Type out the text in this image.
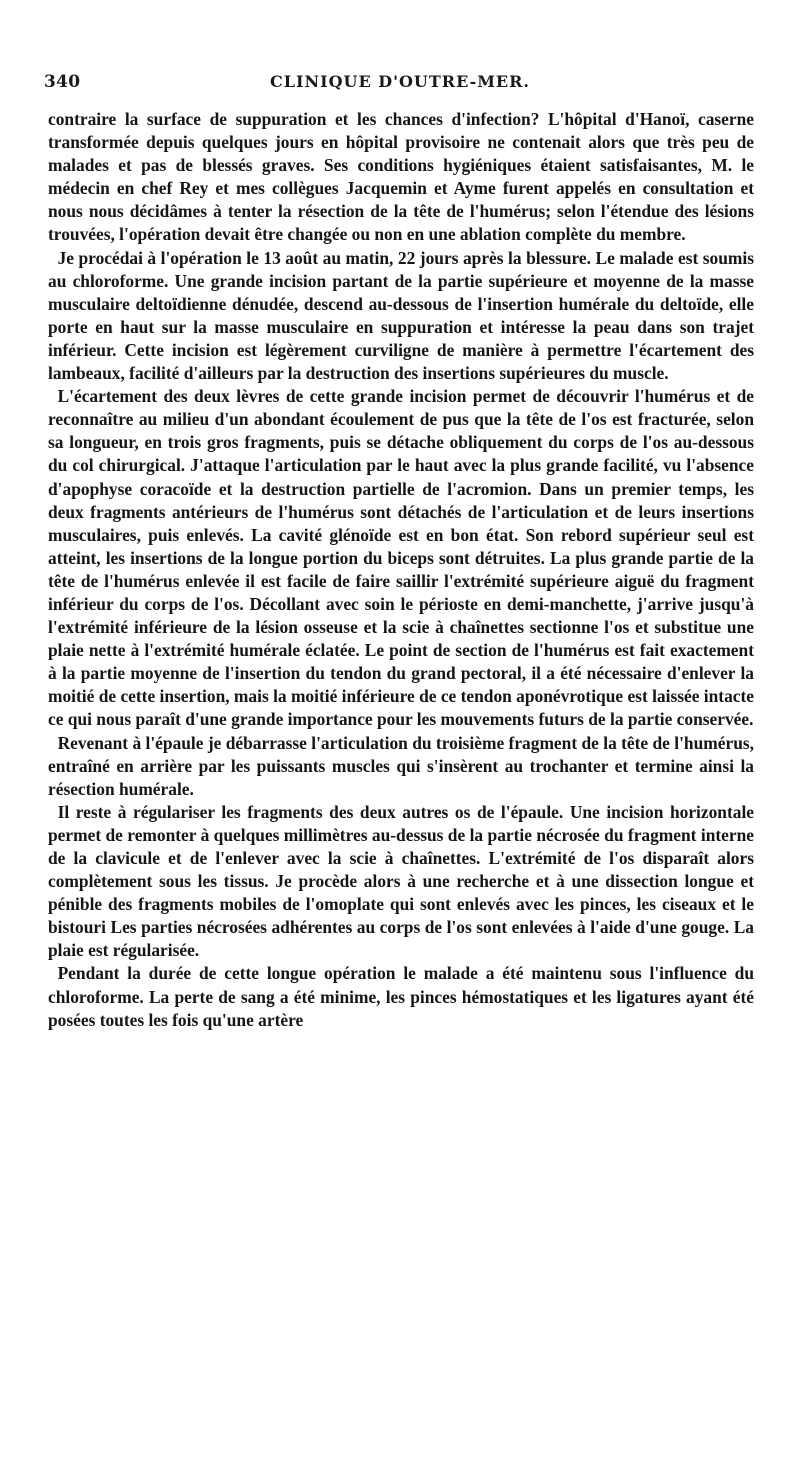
340	CLINIQUE D'OUTRE-MER.

contraire la surface de suppuration et les chances d'infection? L'hôpital d'Hanoï, caserne transformée depuis quelques jours en hôpital provisoire ne contenait alors que très peu de malades et pas de blessés graves. Ses conditions hygiéniques étaient satisfaisantes, M. le médecin en chef Rey et mes collègues Jacquemin et Ayme furent appelés en consultation et nous nous décidâmes à tenter la résection de la tête de l'humérus; selon l'étendue des lésions trouvées, l'opération devait être changée ou non en une ablation complète du membre.

Je procédai à l'opération le 13 août au matin, 22 jours après la blessure. Le malade est soumis au chloroforme. Une grande incision partant de la partie supérieure et moyenne de la masse musculaire deltoïdienne dénudée, descend au-dessous de l'insertion humérale du deltoïde, elle porte en haut sur la masse musculaire en suppuration et intéresse la peau dans son trajet inférieur. Cette incision est légèrement curviligne de manière à permettre l'écartement des lambeaux, facilité d'ailleurs par la destruction des insertions supérieures du muscle.

L'écartement des deux lèvres de cette grande incision permet de découvrir l'humérus et de reconnaître au milieu d'un abondant écoulement de pus que la tête de l'os est fracturée, selon sa longueur, en trois gros fragments, puis se détache obliquement du corps de l'os au-dessous du col chirurgical. J'attaque l'articulation par le haut avec la plus grande facilité, vu l'absence d'apophyse coracoïde et la destruction partielle de l'acromion. Dans un premier temps, les deux fragments antérieurs de l'humérus sont détachés de l'articulation et de leurs insertions musculaires, puis enlevés. La cavité glénoïde est en bon état. Son rebord supérieur seul est atteint, les insertions de la longue portion du biceps sont détruites. La plus grande partie de la tête de l'humérus enlevée il est facile de faire saillir l'extrémité supérieure aiguë du fragment inférieur du corps de l'os. Décollant avec soin le périoste en demi-manchette, j'arrive jusqu'à l'extrémité inférieure de la lésion osseuse et la scie à chaînettes sectionne l'os et substitue une plaie nette à l'extrémité humérale éclatée. Le point de section de l'humérus est fait exactement à la partie moyenne de l'insertion du tendon du grand pectoral, il a été nécessaire d'enlever la moitié de cette insertion, mais la moitié inférieure de ce tendon aponévrotique est laissée intacte ce qui nous paraît d'une grande importance pour les mouvements futurs de la partie conservée.

Revenant à l'épaule je débarrasse l'articulation du troisième fragment de la tête de l'humérus, entraîné en arrière par les puissants muscles qui s'insèrent au trochanter et termine ainsi la résection humérale.

Il reste à régulariser les fragments des deux autres os de l'épaule. Une incision horizontale permet de remonter à quelques millimètres au-dessus de la partie nécrosée du fragment interne de la clavicule et de l'enlever avec la scie à chaînettes. L'extrémité de l'os disparaît alors complètement sous les tissus. Je procède alors à une recherche et à une dissection longue et pénible des fragments mobiles de l'omoplate qui sont enlevés avec les pinces, les ciseaux et le bistouri Les parties nécrosées adhérentes au corps de l'os sont enlevées à l'aide d'une gouge. La plaie est régularisée.

Pendant la durée de cette longue opération le malade a été maintenu sous l'influence du chloroforme. La perte de sang a été minime, les pinces hémostatiques et les ligatures ayant été posées toutes les fois qu'une artère
